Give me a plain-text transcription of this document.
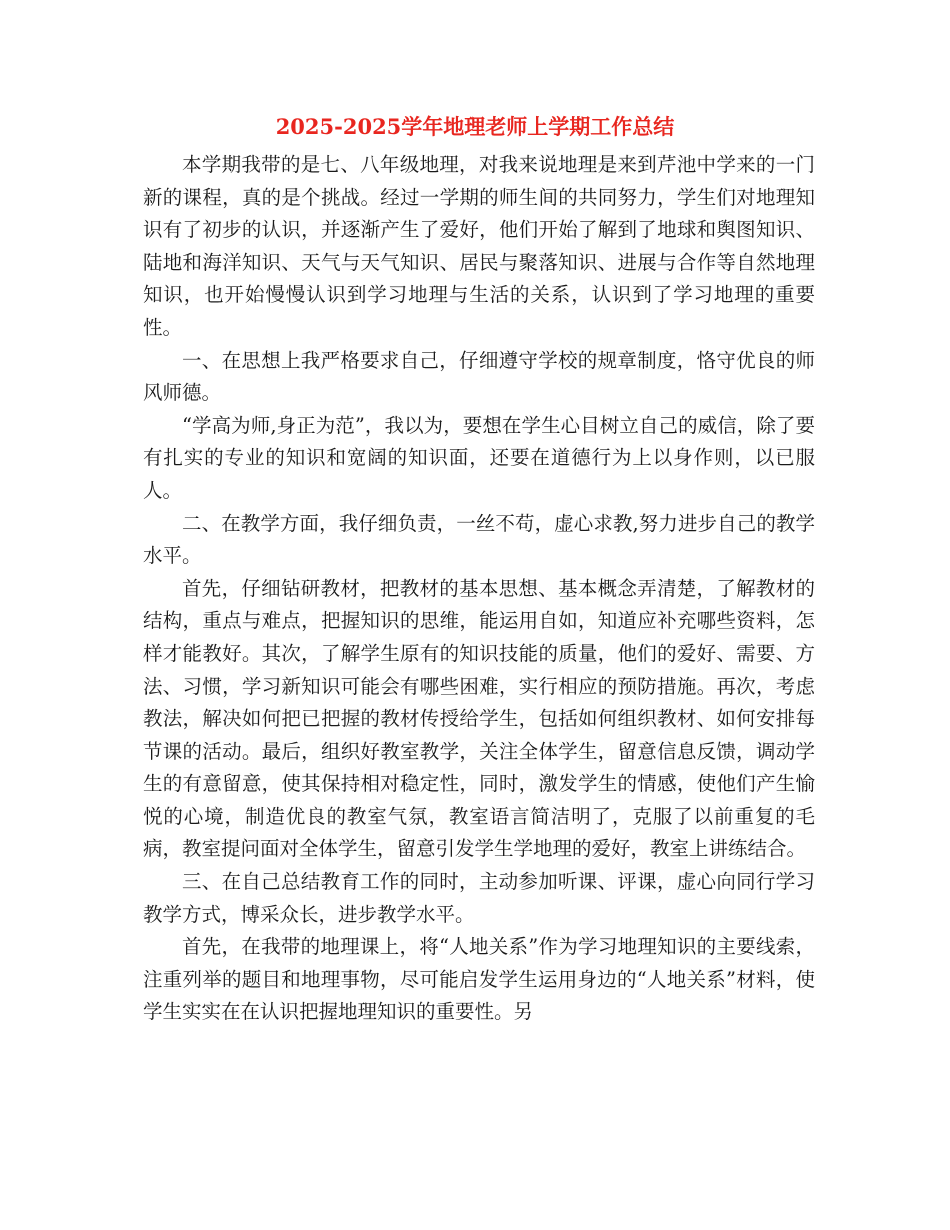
2025-2025学年地理老师上学期工作总结

本学期我带的是七、八年级地理，对我来说地理是来到芹池中学来的一门新的课程，真的是个挑战。经过一学期的师生间的共同努力，学生们对地理知识有了初步的认识，并逐渐产生了爱好，他们开始了解到了地球和舆图知识、陆地和海洋知识、天气与天气知识、居民与聚落知识、进展与合作等自然地理知识，也开始慢慢认识到学习地理与生活的关系，认识到了学习地理的重要性。

一、在思想上我严格要求自己，仔细遵守学校的规章制度，恪守优良的师风师德。

“学高为师,身正为范”，我以为，要想在学生心目树立自己的威信，除了要有扎实的专业的知识和宽阔的知识面，还要在道德行为上以身作则，以已服人。

二、在教学方面，我仔细负责，一丝不苟，虚心求教,努力进步自己的教学水平。

首先，仔细钻研教材，把教材的基本思想、基本概念弄清楚，了解教材的结构，重点与难点，把握知识的思维，能运用自如，知道应补充哪些资料，怎样才能教好。其次，了解学生原有的知识技能的质量，他们的爱好、需要、方法、习惯，学习新知识可能会有哪些困难，实行相应的预防措施。再次，考虑教法，解决如何把已把握的教材传授给学生，包括如何组织教材、如何安排每节课的活动。最后，组织好教室教学，关注全体学生，留意信息反馈，调动学生的有意留意，使其保持相对稳定性，同时，激发学生的情感，使他们产生愉悦的心境，制造优良的教室气氛，教室语言简洁明了，克服了以前重复的毛病，教室提问面对全体学生，留意引发学生学地理的爱好，教室上讲练结合。

三、在自己总结教育工作的同时，主动参加听课、评课，虚心向同行学习教学方式，博采众长，进步教学水平。

首先，在我带的地理课上，将“人地关系”作为学习地理知识的主要线索，注重列举的题目和地理事物，尽可能启发学生运用身边的“人地关系”材料，使学生实实在在认识把握地理知识的重要性。另
